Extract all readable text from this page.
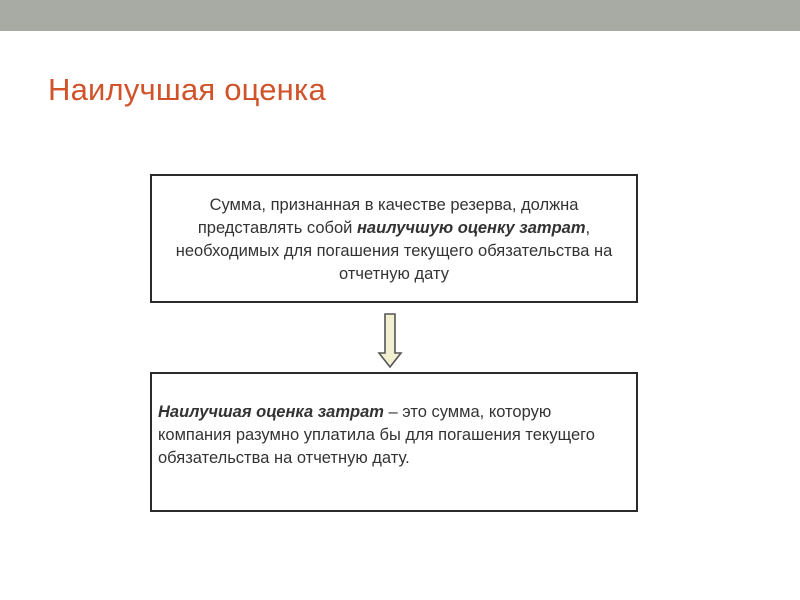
Наилучшая оценка
Сумма, признанная в качестве резерва, должна представлять собой наилучшую оценку затрат, необходимых для погашения текущего обязательства на отчетную дату
Наилучшая оценка затрат – это сумма, которую компания разумно уплатила бы для погашения текущего обязательства на отчетную дату.
